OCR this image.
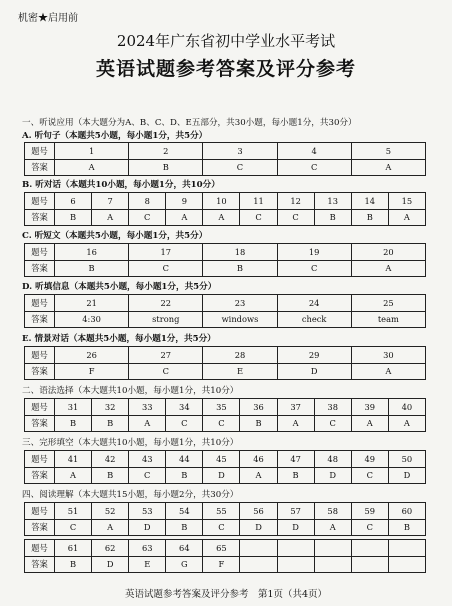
机密★启用前
2024年广东省初中学业水平考试
英语试题参考答案及评分参考
一、听说应用（本大题分为A、B、C、D、E五部分，共30小题，每小题1分，共30分）
A. 听句子（本题共5小题，每小题1分，共5分）
题号	1	2	3	4	5
答案	A	B	C	C	A
B. 听对话（本题共10小题，每小题1分，共10分）
题号	6	7	8	9	10	11	12	13	14	15
答案	B	A	C	A	A	C	C	B	B	A
C. 听短文（本题共5小题，每小题1分，共5分）
题号	16	17	18	19	20
答案	B	C	B	C	A
D. 听填信息（本题共5小题，每小题1分，共5分）
题号	21	22	23	24	25
答案	4:30	strong	windows	check	team
E. 情景对话（本题共5小题，每小题1分，共5分）
题号	26	27	28	29	30
答案	F	C	E	D	A
二、语法选择（本大题共10小题，每小题1分，共10分）
题号	31	32	33	34	35	36	37	38	39	40
答案	B	B	A	C	C	B	A	C	A	A
三、完形填空（本大题共10小题，每小题1分，共10分）
题号	41	42	43	44	45	46	47	48	49	50
答案	A	B	C	B	D	A	B	D	C	D
四、阅读理解（本大题共15小题，每小题2分，共30分）
题号	51	52	53	54	55	56	57	58	59	60
答案	C	A	D	B	C	D	D	A	C	B
题号	61	62	63	64	65					
答案	B	D	E	G	F					
英语试题参考答案及评分参考　第1页（共4页）
